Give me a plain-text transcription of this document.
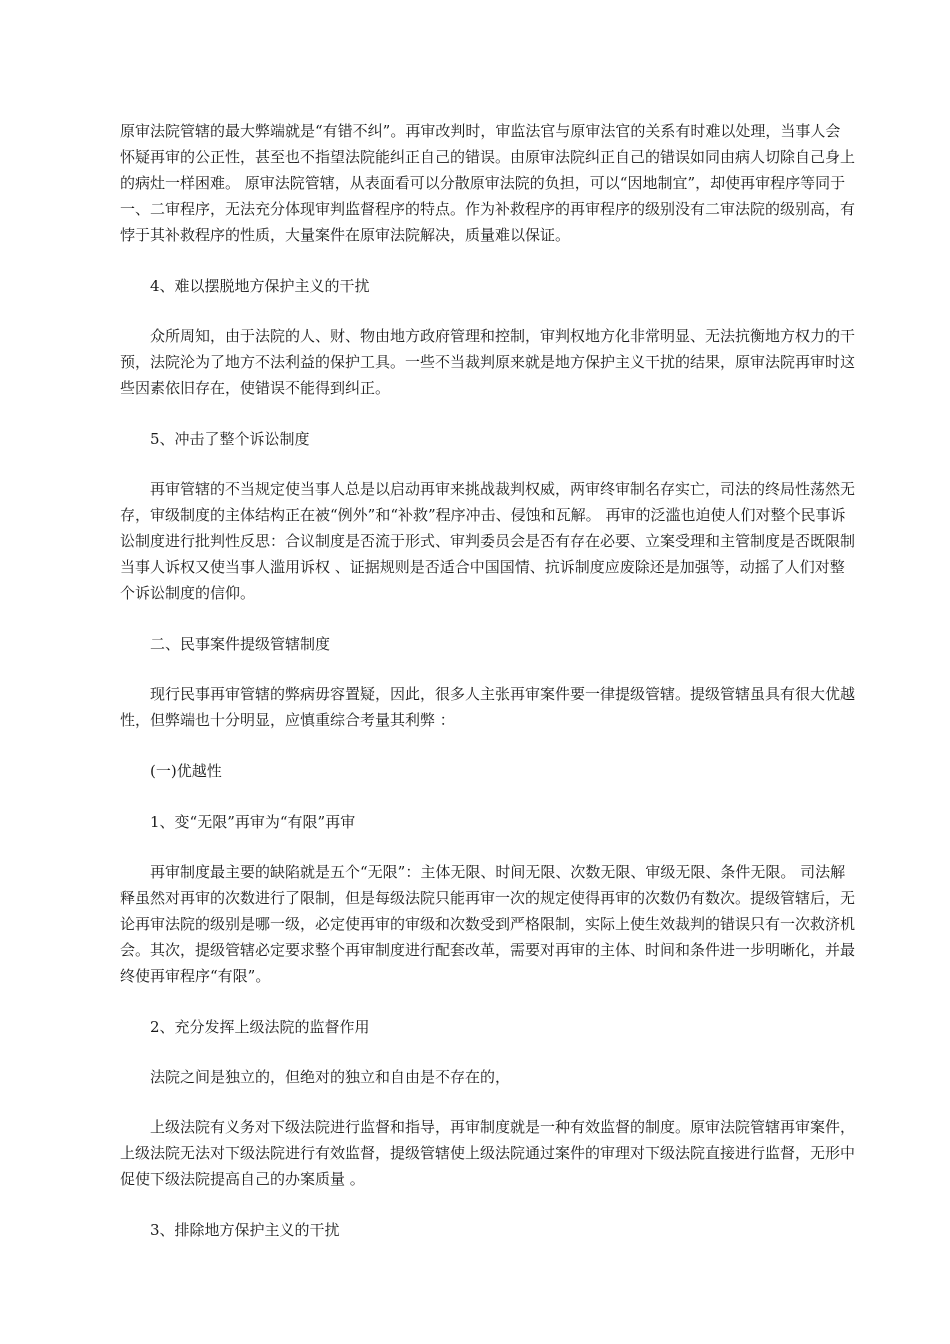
原审法院管辖的最大弊端就是“有错不纠”。再审改判时，审监法官与原审法官的关系有时难以处理，当事人会怀疑再审的公正性，甚至也不指望法院能纠正自己的错误。由原审法院纠正自己的错误如同由病人切除自己身上的病灶一样困难。 原审法院管辖，从表面看可以分散原审法院的负担，可以“因地制宜”，却使再审程序等同于一、二审程序，无法充分体现审判监督程序的特点。作为补救程序的再审程序的级别没有二审法院的级别高，有悖于其补救程序的性质，大量案件在原审法院解决，质量难以保证。

4、难以摆脱地方保护主义的干扰

众所周知，由于法院的人、财、物由地方政府管理和控制，审判权地方化非常明显、无法抗衡地方权力的干预，法院沦为了地方不法利益的保护工具。一些不当裁判原来就是地方保护主义干扰的结果，原审法院再审时这些因素依旧存在，使错误不能得到纠正。

5、冲击了整个诉讼制度

再审管辖的不当规定使当事人总是以启动再审来挑战裁判权威，两审终审制名存实亡，司法的终局性荡然无存，审级制度的主体结构正在被“例外”和“补救”程序冲击、侵蚀和瓦解。 再审的泛滥也迫使人们对整个民事诉讼制度进行批判性反思：合议制度是否流于形式、审判委员会是否有存在必要、立案受理和主管制度是否既限制当事人诉权又使当事人滥用诉权 、证据规则是否适合中国国情、抗诉制度应废除还是加强等，动摇了人们对整个诉讼制度的信仰。

二、民事案件提级管辖制度

现行民事再审管辖的弊病毋容置疑，因此，很多人主张再审案件要一律提级管辖。提级管辖虽具有很大优越性，但弊端也十分明显，应慎重综合考量其利弊 ：

(一)优越性

1、变“无限”再审为“有限”再审

再审制度最主要的缺陷就是五个“无限”：主体无限、时间无限、次数无限、审级无限、条件无限。 司法解释虽然对再审的次数进行了限制，但是每级法院只能再审一次的规定使得再审的次数仍有数次。提级管辖后，无论再审法院的级别是哪一级，必定使再审的审级和次数受到严格限制，实际上使生效裁判的错误只有一次救济机会。其次，提级管辖必定要求整个再审制度进行配套改革，需要对再审的主体、时间和条件进一步明晰化，并最终使再审程序“有限”。

2、充分发挥上级法院的监督作用

法院之间是独立的，但绝对的独立和自由是不存在的，

上级法院有义务对下级法院进行监督和指导，再审制度就是一种有效监督的制度。原审法院管辖再审案件，上级法院无法对下级法院进行有效监督，提级管辖使上级法院通过案件的审理对下级法院直接进行监督，无形中促使下级法院提高自己的办案质量 。

3、排除地方保护主义的干扰
